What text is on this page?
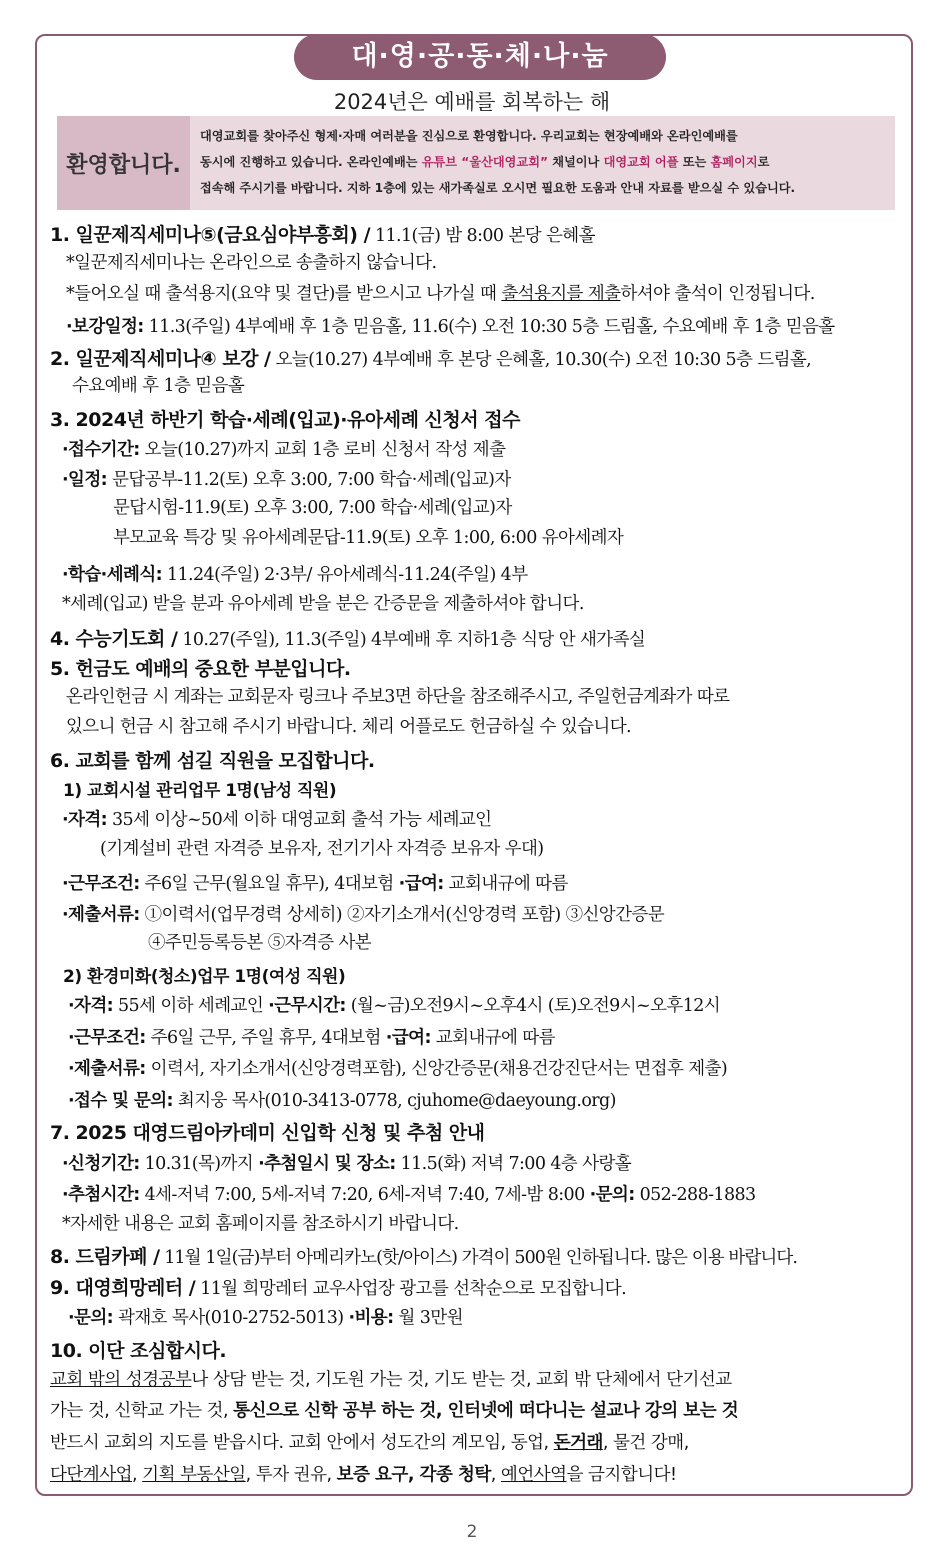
대·영·공·동·체·나·눔
2024년은 예배를 회복하는 해
환영합니다.
대영교회를 찾아주신 형제·자매 여러분을 진심으로 환영합니다. 우리교회는 현장예배와 온라인예배를
동시에 진행하고 있습니다. 온라인예배는 유튜브 “울산대영교회” 채널이나 대영교회 어플 또는 홈페이지로
접속해 주시기를 바랍니다. 지하 1층에 있는 새가족실로 오시면 필요한 도움과 안내 자료를 받으실 수 있습니다.
1. 일꾼제직세미나⑤(금요심야부흥회) / 11.1(금) 밤 8:00 본당 은혜홀
*일꾼제직세미나는 온라인으로 송출하지 않습니다.
*들어오실 때 출석용지(요약 및 결단)를 받으시고 나가실 때 출석용지를 제출하셔야 출석이 인정됩니다.
·보강일정: 11.3(주일) 4부예배 후 1층 믿음홀, 11.6(수) 오전 10:30 5층 드림홀, 수요예배 후 1층 믿음홀
2. 일꾼제직세미나④ 보강 / 오늘(10.27) 4부예배 후 본당 은혜홀, 10.30(수) 오전 10:30 5층 드림홀,
수요예배 후 1층 믿음홀
3. 2024년 하반기 학습·세례(입교)·유아세례 신청서 접수
·접수기간: 오늘(10.27)까지 교회 1층 로비 신청서 작성 제출
·일정: 문답공부-11.2(토) 오후 3:00, 7:00 학습·세례(입교)자
문답시험-11.9(토) 오후 3:00, 7:00 학습·세례(입교)자
부모교육 특강 및 유아세례문답-11.9(토) 오후 1:00, 6:00 유아세례자
·학습·세례식: 11.24(주일) 2·3부/ 유아세례식-11.24(주일) 4부
*세례(입교) 받을 분과 유아세례 받을 분은 간증문을 제출하셔야 합니다.
4. 수능기도회 / 10.27(주일), 11.3(주일) 4부예배 후 지하1층 식당 안 새가족실
5. 헌금도 예배의 중요한 부분입니다.
온라인헌금 시 계좌는 교회문자 링크나 주보3면 하단을 참조해주시고, 주일헌금계좌가 따로
있으니 헌금 시 참고해 주시기 바랍니다. 체리 어플로도 헌금하실 수 있습니다.
6. 교회를 함께 섬길 직원을 모집합니다.
1) 교회시설 관리업무 1명(남성 직원)
·자격: 35세 이상~50세 이하 대영교회 출석 가능 세례교인
(기계설비 관련 자격증 보유자, 전기기사 자격증 보유자 우대)
·근무조건: 주6일 근무(월요일 휴무), 4대보험 ·급여: 교회내규에 따름
·제출서류: ①이력서(업무경력 상세히) ②자기소개서(신앙경력 포함) ③신앙간증문
④주민등록등본 ⑤자격증 사본
2) 환경미화(청소)업무 1명(여성 직원)
·자격: 55세 이하 세례교인 ·근무시간: (월~금)오전9시~오후4시 (토)오전9시~오후12시
·근무조건: 주6일 근무, 주일 휴무, 4대보험 ·급여: 교회내규에 따름
·제출서류: 이력서, 자기소개서(신앙경력포함), 신앙간증문(채용건강진단서는 면접후 제출)
·접수 및 문의: 최지웅 목사(010-3413-0778, cjuhome@daeyoung.org)
7. 2025 대영드림아카데미 신입학 신청 및 추첨 안내
·신청기간: 10.31(목)까지 ·추첨일시 및 장소: 11.5(화) 저녁 7:00 4층 사랑홀
·추첨시간: 4세-저녁 7:00, 5세-저녁 7:20, 6세-저녁 7:40, 7세-밤 8:00 ·문의: 052-288-1883
*자세한 내용은 교회 홈페이지를 참조하시기 바랍니다.
8. 드림카페 / 11월 1일(금)부터 아메리카노(핫/아이스) 가격이 500원 인하됩니다. 많은 이용 바랍니다.
9. 대영희망레터 / 11월 희망레터 교우사업장 광고를 선착순으로 모집합니다.
·문의: 곽재호 목사(010-2752-5013) ·비용: 월 3만원
10. 이단 조심합시다.
교회 밖의 성경공부나 상담 받는 것, 기도원 가는 것, 기도 받는 것, 교회 밖 단체에서 단기선교
가는 것, 신학교 가는 것, 통신으로 신학 공부 하는 것, 인터넷에 떠다니는 설교나 강의 보는 것
반드시 교회의 지도를 받읍시다. 교회 안에서 성도간의 계모임, 동업, 돈거래, 물건 강매,
다단계사업, 기획 부동산일, 투자 권유, 보증 요구, 각종 청탁, 예언사역을 금지합니다!
2
